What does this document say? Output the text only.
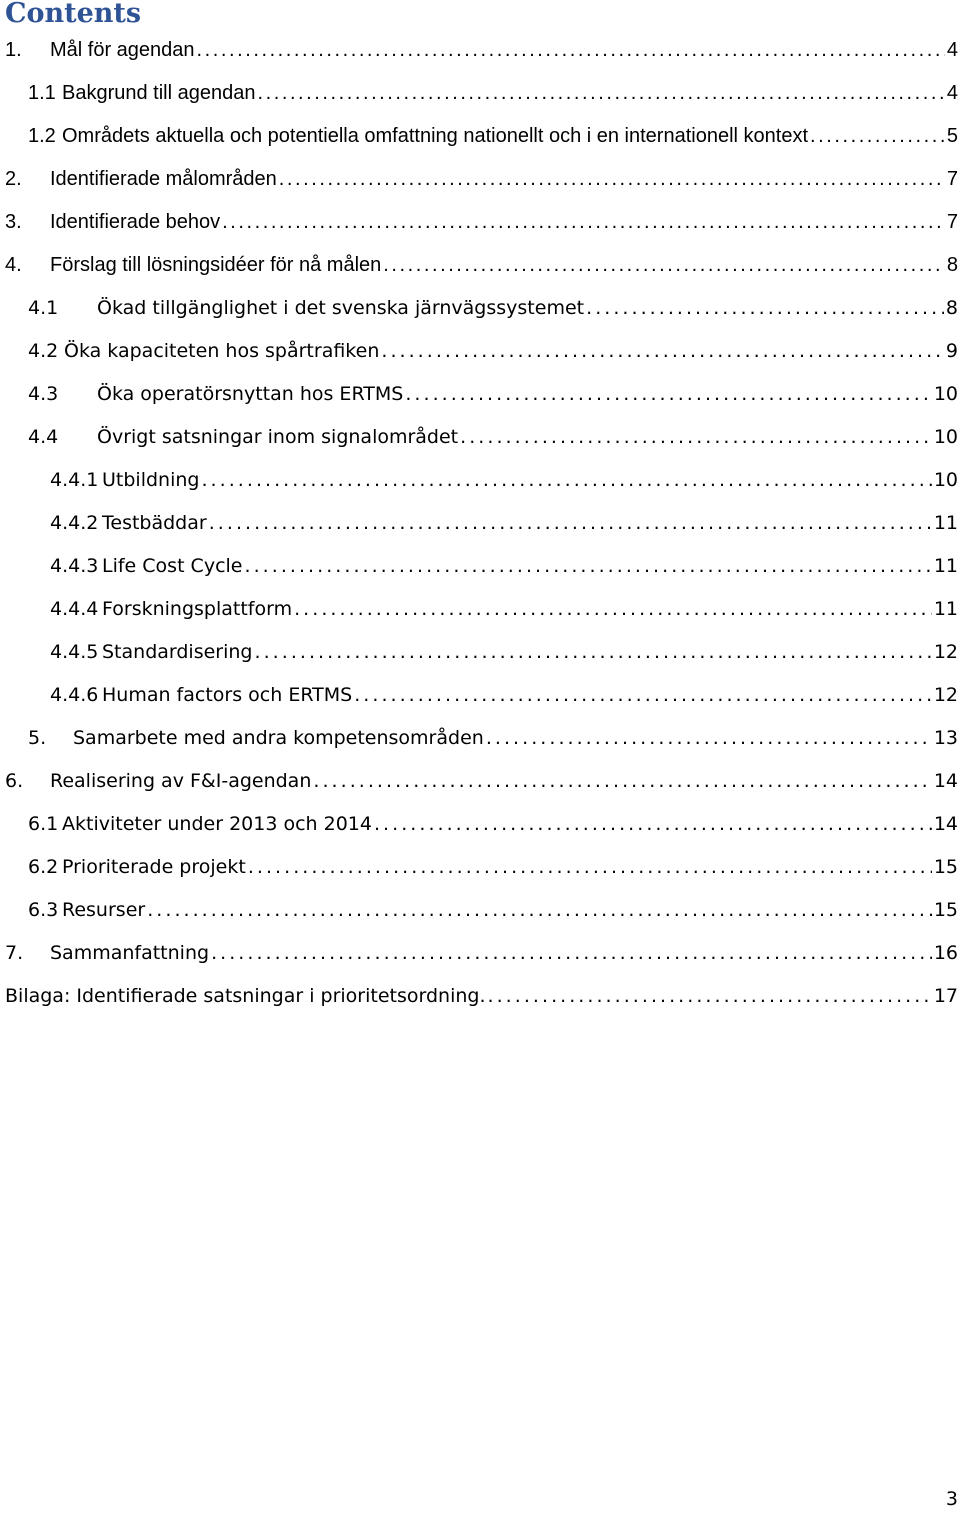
Contents
1.	Mål för agendan . . .	4
1.1 Bakgrund till agendan . . .	4
1.2 Områdets aktuella och potentiella omfattning nationellt och i en internationell kontext . . .	5
2.	Identifierade målområden . . .	7
3.	Identifierade behov . . .	7
4.	Förslag till lösningsidéer för nå målen . . .	8
4.1	Ökad tillgänglighet i det svenska järnvägssystemet . . .	8
4.2 Öka kapaciteten hos spårtrafiken . . .	9
4.3	Öka operatörsnyttan hos ERTMS . . .	10
4.4	Övrigt satsningar inom signalområdet . . .	10
4.4.1 Utbildning . . .	10
4.4.2 Testbäddar . . .	11
4.4.3 Life Cost Cycle . . .	11
4.4.4 Forskningsplattform . . .	11
4.4.5 Standardisering . . .	12
4.4.6 Human factors och ERTMS . . .	12
5.	Samarbete med andra kompetensområden . . .	13
6.	Realisering av F&I-agendan . . .	14
6.1 Aktiviteter under 2013 och 2014 . . .	14
6.2 Prioriterade projekt . . .	15
6.3 Resurser . . .	15
7.	Sammanfattning . . .	16
Bilaga: Identifierade satsningar i prioritetsordning. . . .	17
3
